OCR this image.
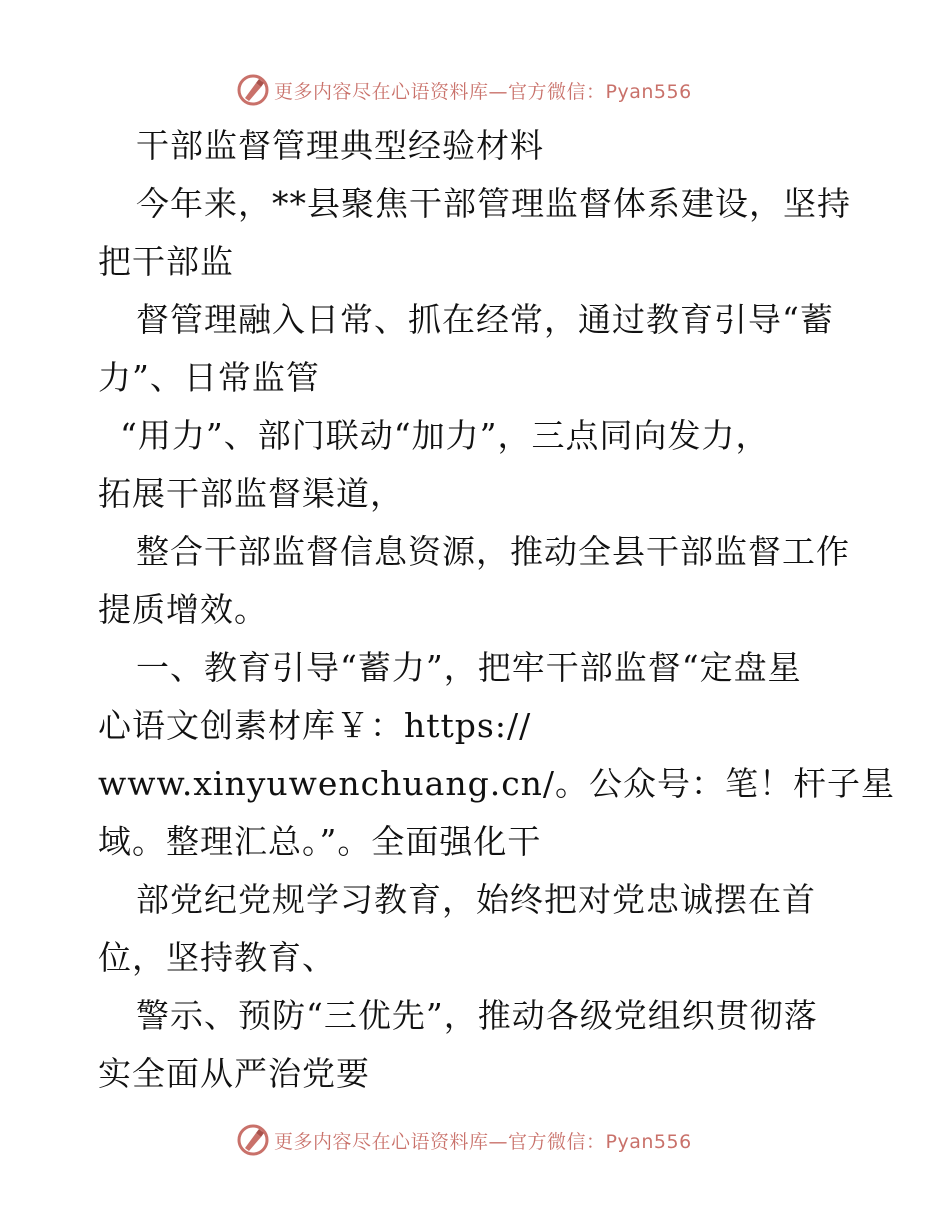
更多内容尽在心语资料库—官方微信：Pyan556
干部监督管理典型经验材料
今年来，**县聚焦干部管理监督体系建设，坚持
把干部监
督管理融入日常、抓在经常，通过教育引导“蓄
力”、日常监管
“用力”、部门联动“加力”，三点同向发力，
拓展干部监督渠道，
整合干部监督信息资源，推动全县干部监督工作
提质增效。
一、教育引导“蓄力”，把牢干部监督“定盘星
心语文创素材库￥：https://
www.xinyuwenchuang.cn/。公众号：笔！杆子星
域。整理汇总。”。全面强化干
部党纪党规学习教育，始终把对党忠诚摆在首
位，坚持教育、
警示、预防“三优先”，推动各级党组织贯彻落
实全面从严治党要
更多内容尽在心语资料库—官方微信：Pyan556
